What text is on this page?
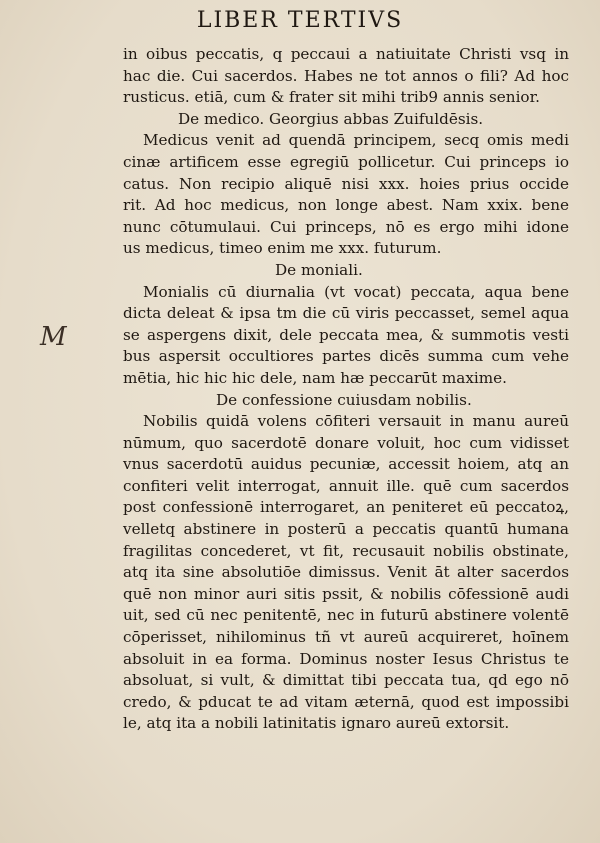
LIBER TERTIVS
M
in oibus peccatis, q peccaui a natiuitate Christi vsq in
hac die. Cui sacerdos. Habes ne tot annos o fili? Ad hoc
rusticus. etiā, cum & frater sit mihi trib9 annis senior.
De medico. Georgius abbas Zuifuldēsis.
Medicus venit ad quendā principem, secq omis medi
cinæ artificem esse egregiū pollicetur. Cui princeps io
catus. Non recipio aliquē nisi xxx. hoies prius occide
rit. Ad hoc medicus, non longe abest. Nam xxix. bene
nunc cōtumulaui. Cui princeps, nō es ergo mihi idone
us medicus, timeo enim me xxx. futurum.
De moniali.
Monialis cū diurnalia (vt vocat) peccata, aqua bene
dicta deleat & ipsa tm die cū viris peccasset, semel aqua
se aspergens dixit, dele peccata mea, & summotis vesti
bus aspersit occultiores partes dicēs summa cum vehe
mētia, hic hic hic dele, nam hæ peccarūt maxime.
De confessione cuiusdam nobilis.
Nobilis quidā volens cōfiteri versauit in manu aureū
nūmum, quo sacerdotē donare voluit, hoc cum vidisset
vnus sacerdotū auidus pecuniæ, accessit hoiem, atq an
confiteri velit interrogat, annuit ille. quē cum sacerdos
post confessionē interrogaret, an peniteret eū peccatoꝝ,
velletq abstinere in posterū a peccatis quantū humana
fragilitas concederet, vt fit, recusauit nobilis obstinate,
atq ita sine absolutiōe dimissus. Venit āt alter sacerdos
quē non minor auri sitis pssit, & nobilis cōfessionē audi
uit, sed cū nec penitentē, nec in futurū abstinere volentē
cōperisset, nihilominus tñ vt aureū acquireret, hoīnem
absoluit in ea forma. Dominus noster Iesus Christus te
absoluat, si vult, & dimittat tibi peccata tua, qd ego nō
credo, & pducat te ad vitam æternā, quod est impossibi
le, atq ita a nobili latinitatis ignaro aureū extorsit.
